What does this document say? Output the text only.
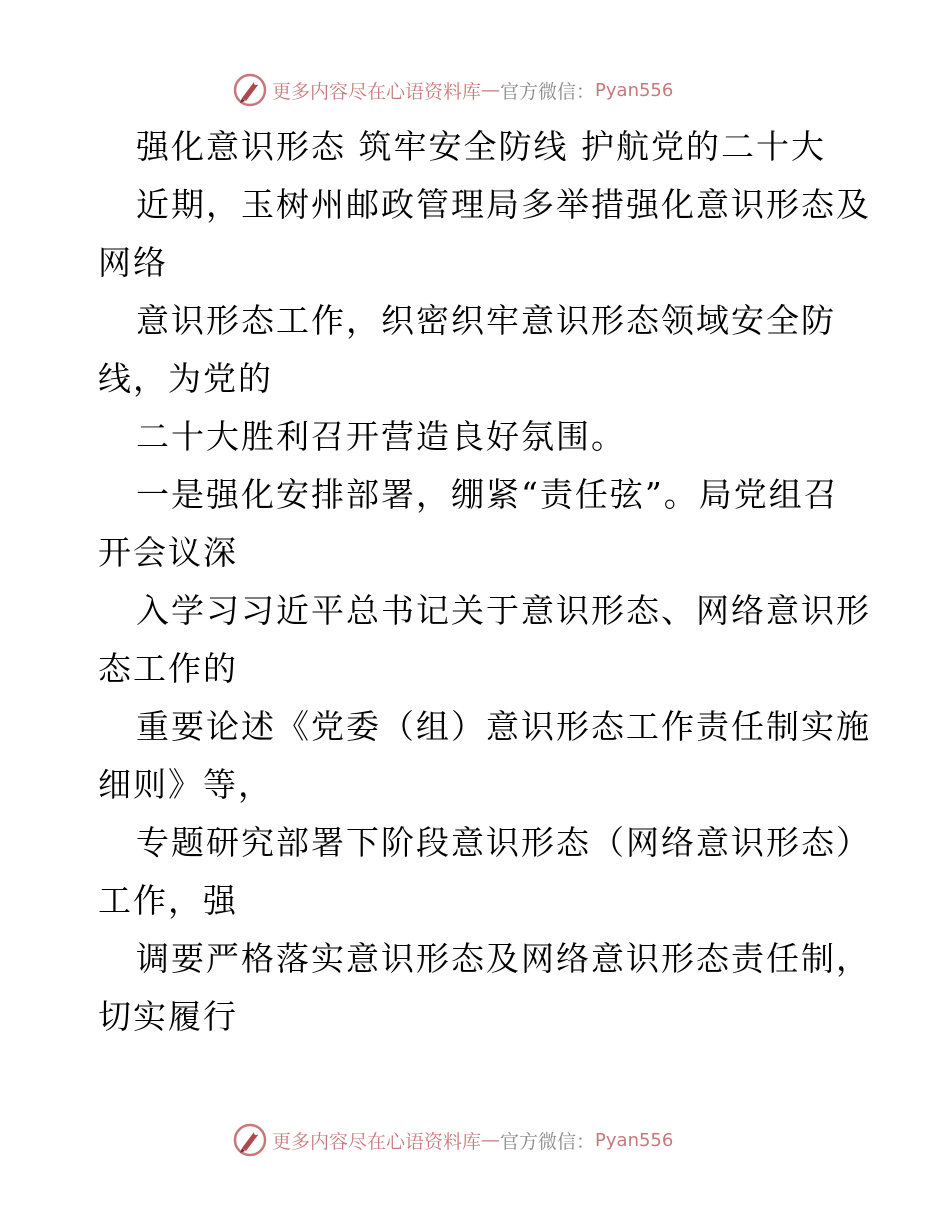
更多内容尽在心语资料库 — 官方微信： Pyan556
强化意识形态 筑牢安全防线 护航党的二十大
近期，玉树州邮政管理局多举措强化意识形态及
网络
意识形态工作，织密织牢意识形态领域安全防
线，为党的
二十大胜利召开营造良好氛围。
一是强化安排部署，绷紧“责任弦”。局党组召
开会议深
入学习习近平总书记关于意识形态、网络意识形
态工作的
重要论述《党委（组）意识形态工作责任制实施
细则》等，
专题研究部署下阶段意识形态（网络意识形态）
工作，强
调要严格落实意识形态及网络意识形态责任制，
切实履行
更多内容尽在心语资料库 — 官方微信： Pyan556
